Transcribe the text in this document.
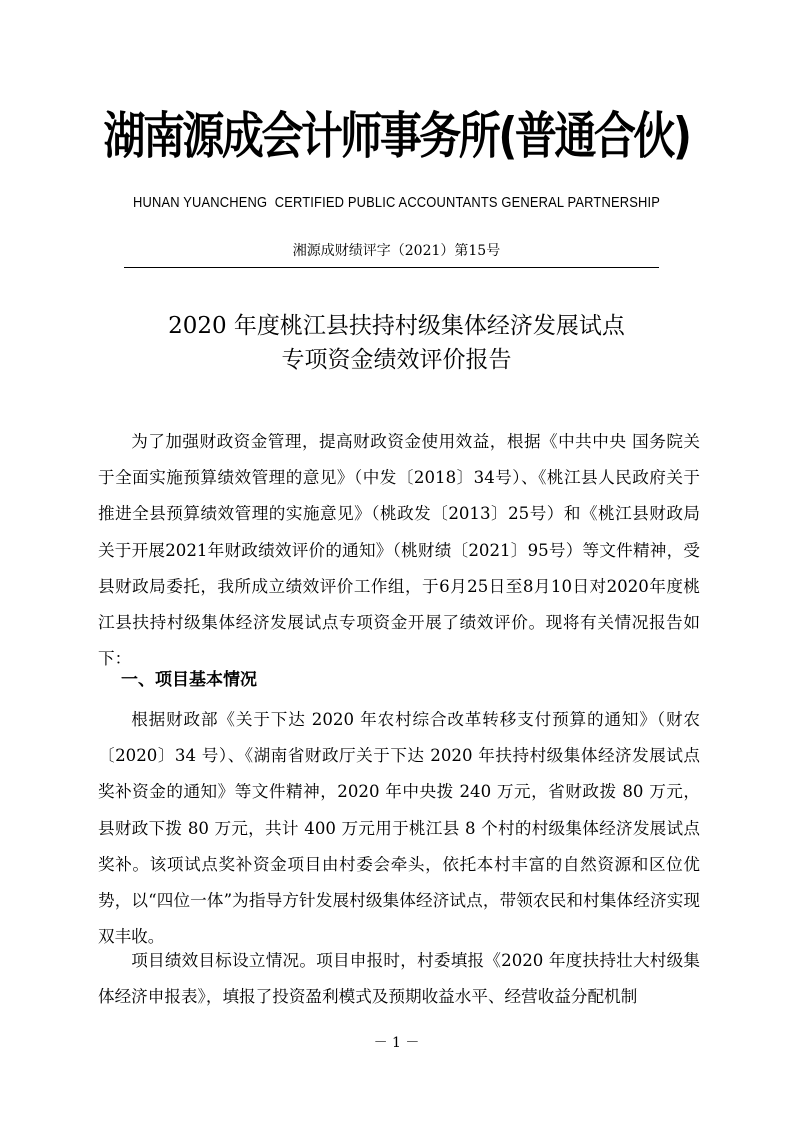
湖南源成会计师事务所(普通合伙)
HUNAN YUANCHENG  CERTIFIED PUBLIC ACCOUNTANTS GENERAL PARTNERSHIP
湘源成财绩评字（2021）第15号
2020 年度桃江县扶持村级集体经济发展试点
专项资金绩效评价报告

为了加强财政资金管理，提高财政资金使用效益，根据《中共中央 国务院关于全面实施预算绩效管理的意见》（中发〔2018〕34号）、《桃江县人民政府关于推进全县预算绩效管理的实施意见》（桃政发〔2013〕25号）和《桃江县财政局关于开展2021年财政绩效评价的通知》（桃财绩〔2021〕95号）等文件精神，受县财政局委托，我所成立绩效评价工作组，于6月25日至8月10日对2020年度桃江县扶持村级集体经济发展试点专项资金开展了绩效评价。现将有关情况报告如下：

一、项目基本情况

根据财政部《关于下达 2020 年农村综合改革转移支付预算的通知》（财农〔2020〕34 号）、《湖南省财政厅关于下达 2020 年扶持村级集体经济发展试点奖补资金的通知》等文件精神，2020 年中央拨 240 万元，省财政拨 80 万元，县财政下拨 80 万元，共计 400 万元用于桃江县 8 个村的村级集体经济发展试点奖补。该项试点奖补资金项目由村委会牵头，依托本村丰富的自然资源和区位优势，以“四位一体”为指导方针发展村级集体经济试点，带领农民和村集体经济实现双丰收。

项目绩效目标设立情况。项目申报时，村委填报《2020 年度扶持壮大村级集体经济申报表》，填报了投资盈利模式及预期收益水平、经营收益分配机制

－ 1 －
